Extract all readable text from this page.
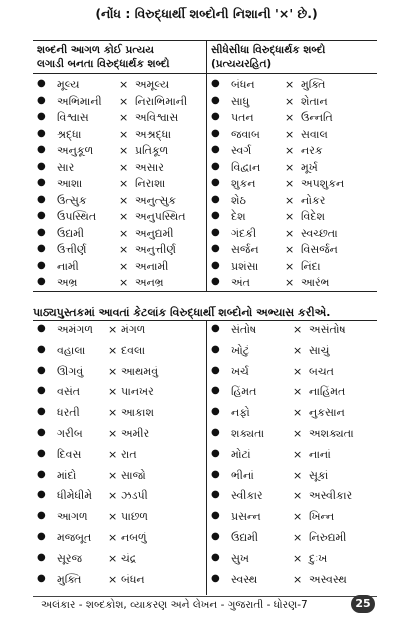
(નોંધ : વિરુદ્ધાર્થી શબ્દોની નિશાની '×' છે.)
શબ્દની આગળ કોઈ પ્રત્યય
લગાડી બનતા વિરુદ્ધાર્થક શબ્દો
સીધેસીધા વિરુદ્ધાર્થક શબ્દો
(પ્રત્યયરહિત)
● મૂલ્ય	× અમૂલ્ય
● અભિમાની × નિરાભિમાની
● વિશ્વાસ	× અવિશ્વાસ
● શ્રદ્ધા	× અશ્રદ્ધા
● અનુકૂળ × પ્રતિકૂળ
● સાર	× અસાર
● આશા	× નિરાશા
● ઉત્સુક	× અનુત્સુક
● ઉપસ્થિત × અનુપસ્થિત
● ઉદ્યમી	× અનુદ્યમી
● ઉત્તીર્ણ	× અનુત્તીર્ણ
● નામી	× અનામી
● અભ્ર	× અનભ્ર
● બંધન	× મુક્તિ
● સાધુ	× શેતાન
● પતન	× ઉન્નતિ
● જવાબ × સવાલ
● સ્વર્ગ	× નરક
● વિદ્વાન × મૂર્ખ
● શુકન	× અપશુકન
● શેઠ	× નોકર
● દેશ	× વિદેશ
● ગંદકી	× સ્વચ્છતા
● સર્જન × વિસર્જન
● પ્રશંસા × નિંદા
● અંત	× આરંભ
પાઠ્યપુસ્તકમાં આવતાં કેટલાંક વિરુદ્ધાર્થી શબ્દોનો અભ્યાસ કરીએ.
● અમંગળ × મંગળ
● વહાલા × દવલા
● ઊગવું × આથમવું
● વસંત	× પાનખર
● ધરતી	× આકાશ
● ગરીબ × અમીર
● દિવસ × રાત
● માંદો	× સાજો
● ધીમેધીમે × ઝડપી
● આગળ × પાછળ
● મજબૂત × નબળું
● સૂરજ × ચંદ્ર
● મુક્તિ × બંધન
● સંતોષ	× અસંતોષ
● ખોટું	× સાચું
● ખર્ચ	× બચત
● હિંમત	× નાહિંમત
● નફો	× નુકસાન
● શક્યતા	× અશક્યતા
● મોટાં	× નાનાં
● ભીનાં	× સૂકાં
● સ્વીકાર	× અસ્વીકાર
● પ્રસન્ન	× ખિન્ન
● ઉદ્યમી	× નિરુદ્યમી
● સુખ	× દુઃખ
● સ્વસ્થ	× અસ્વસ્થ
અલંકાર - શબ્દકોશ, વ્યાકરણ અને લેખન - ગુજરાતી - ધોરણ-7	25
